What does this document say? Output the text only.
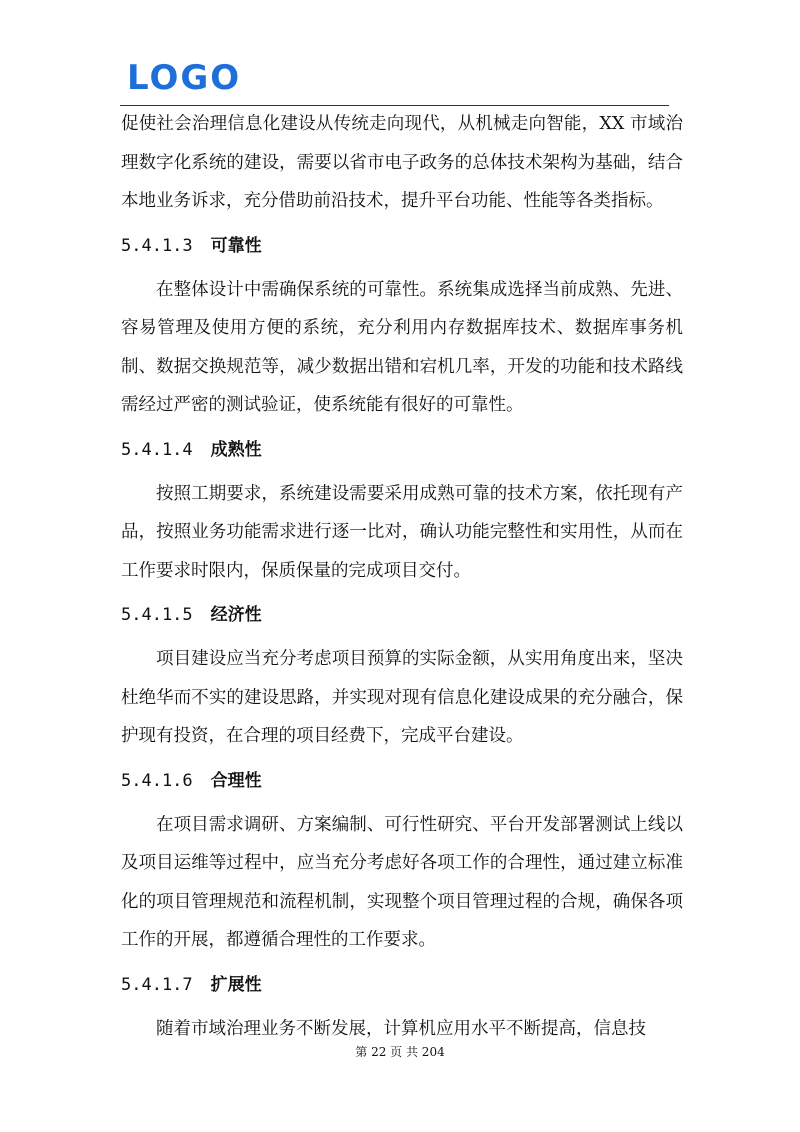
LOGO

促使社会治理信息化建设从传统走向现代，从机械走向智能，XX 市域治理数字化系统的建设，需要以省市电子政务的总体技术架构为基础，结合本地业务诉求，充分借助前沿技术，提升平台功能、性能等各类指标。

5.4.1.3 可靠性

在整体设计中需确保系统的可靠性。系统集成选择当前成熟、先进、容易管理及使用方便的系统，充分利用内存数据库技术、数据库事务机制、数据交换规范等，减少数据出错和宕机几率，开发的功能和技术路线需经过严密的测试验证，使系统能有很好的可靠性。

5.4.1.4 成熟性

按照工期要求，系统建设需要采用成熟可靠的技术方案，依托现有产品，按照业务功能需求进行逐一比对，确认功能完整性和实用性，从而在工作要求时限内，保质保量的完成项目交付。

5.4.1.5 经济性

项目建设应当充分考虑项目预算的实际金额，从实用角度出来，坚决杜绝华而不实的建设思路，并实现对现有信息化建设成果的充分融合，保护现有投资，在合理的项目经费下，完成平台建设。

5.4.1.6 合理性

在项目需求调研、方案编制、可行性研究、平台开发部署测试上线以及项目运维等过程中，应当充分考虑好各项工作的合理性，通过建立标准化的项目管理规范和流程机制，实现整个项目管理过程的合规，确保各项工作的开展，都遵循合理性的工作要求。

5.4.1.7 扩展性

随着市域治理业务不断发展，计算机应用水平不断提高，信息技

第 22 页 共 204
